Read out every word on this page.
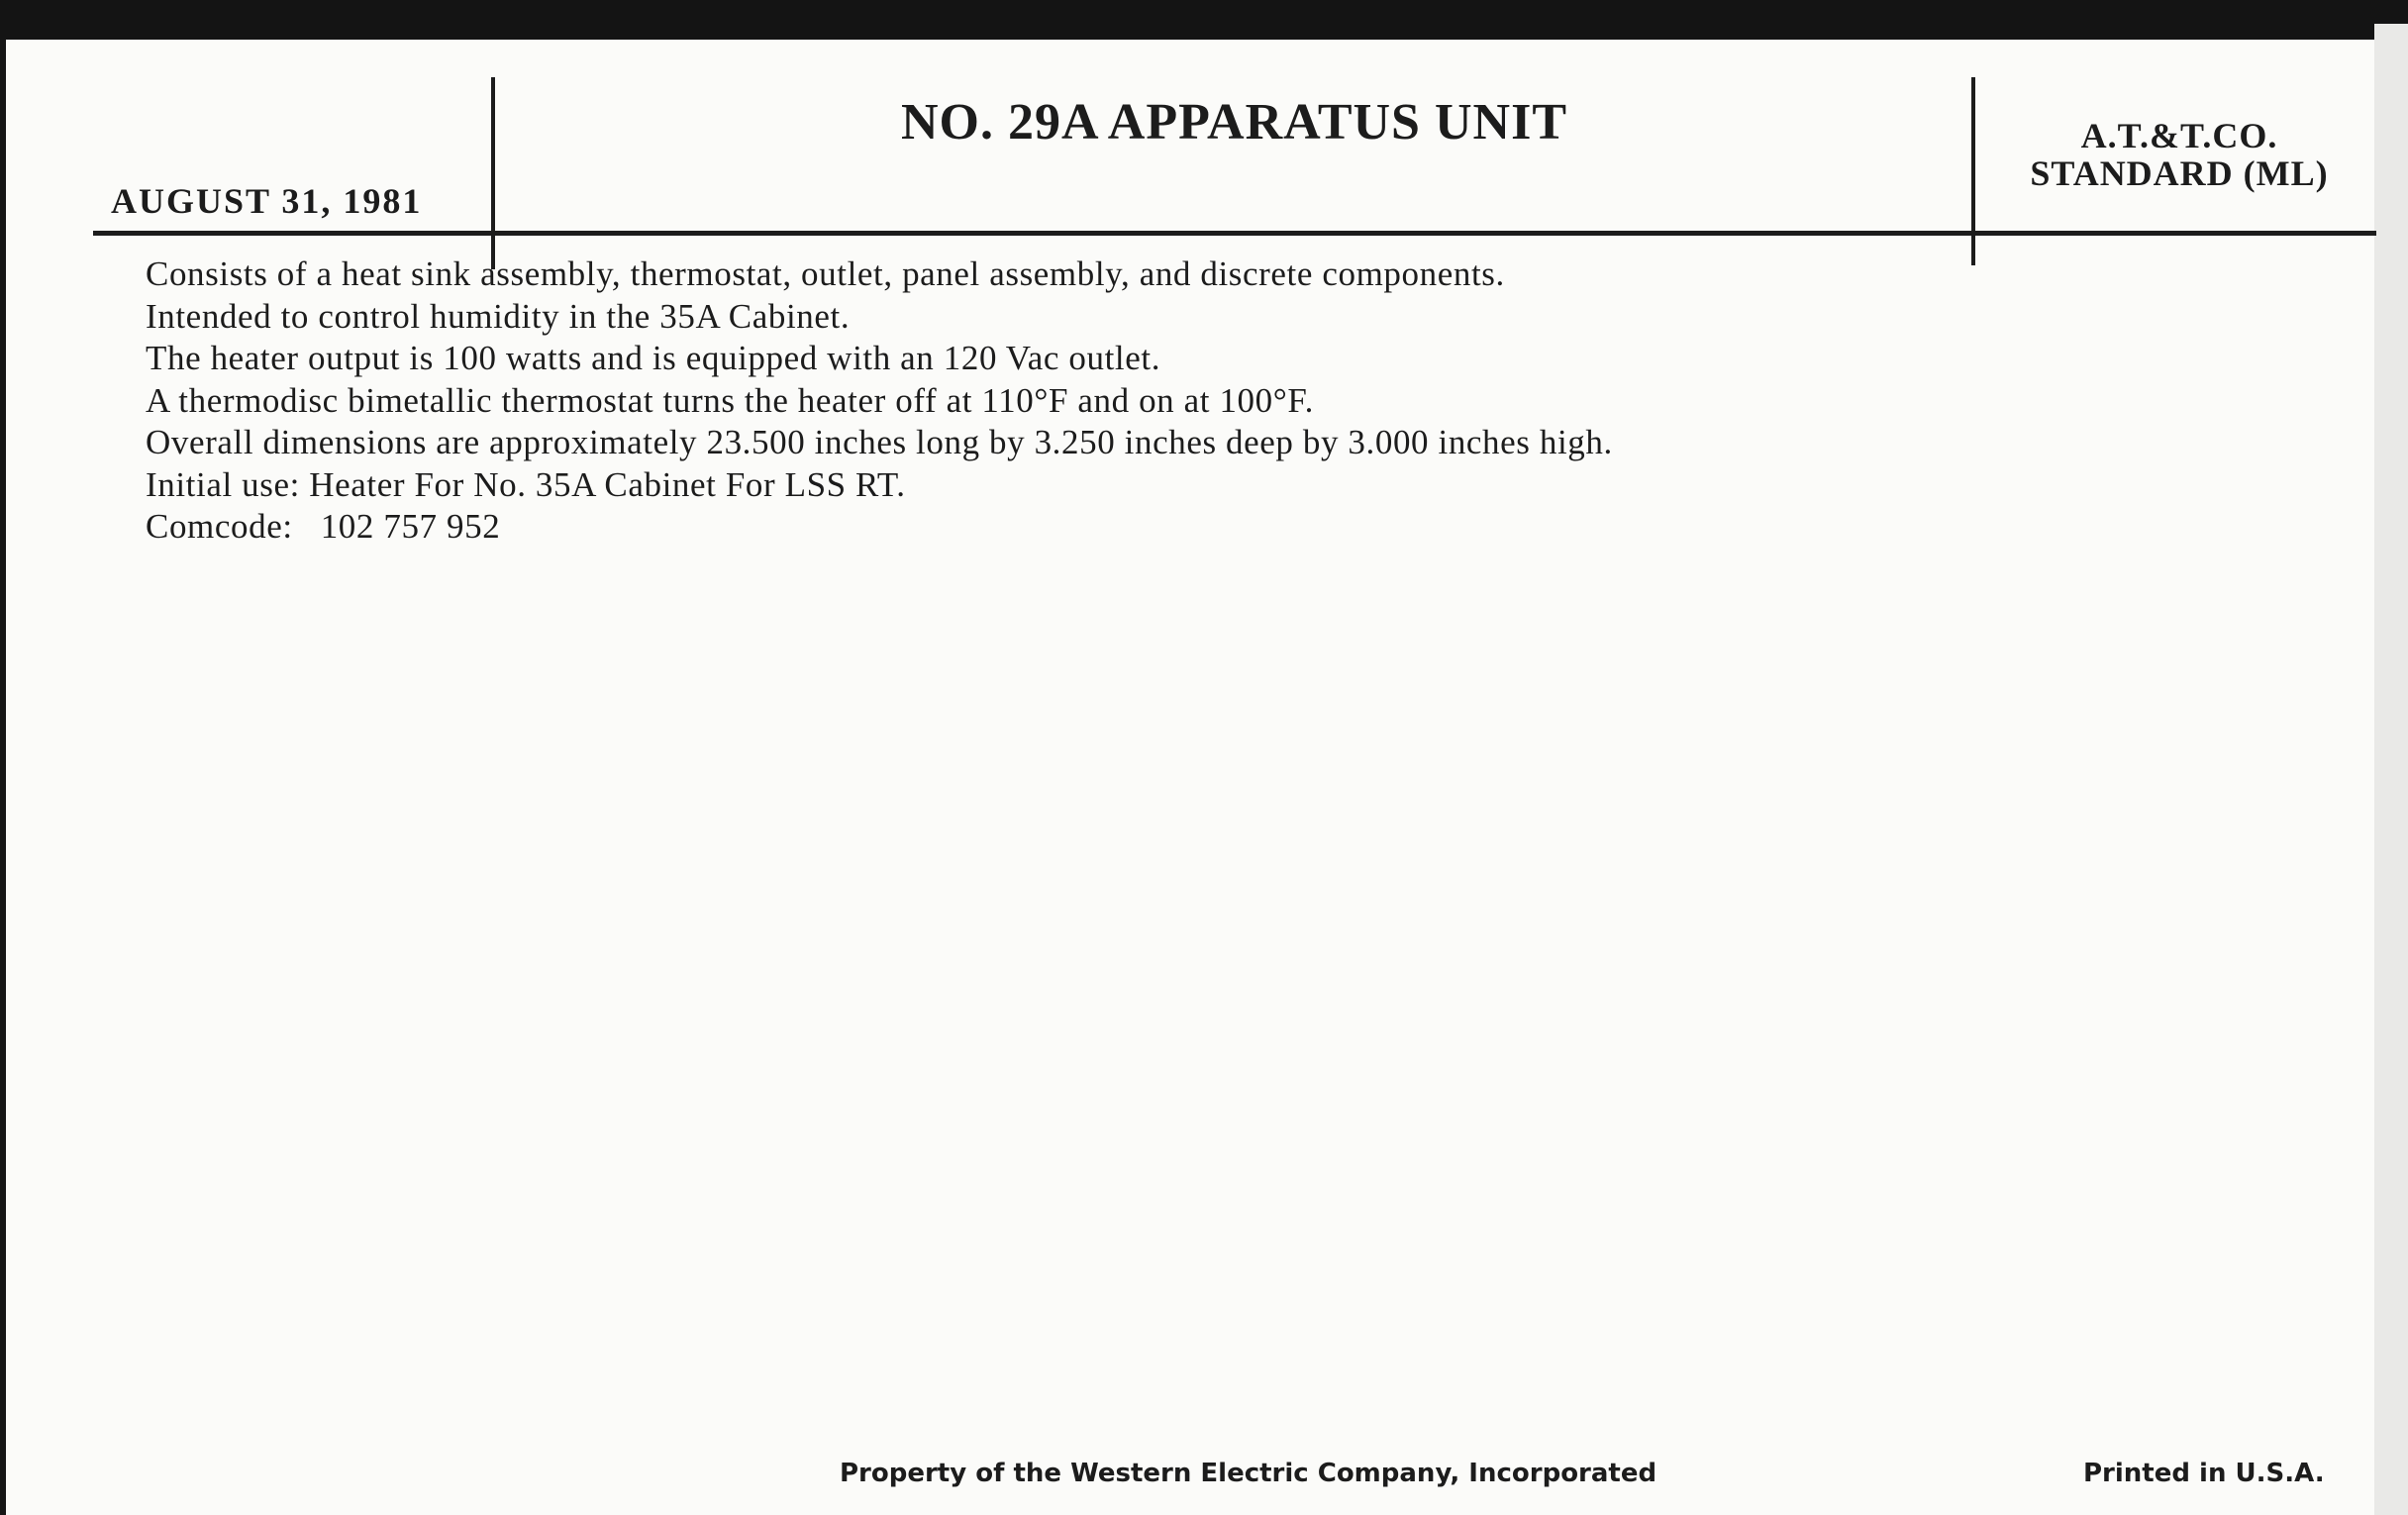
AUGUST 31, 1981
NO. 29A APPARATUS UNIT	A.T.&T.CO.
STANDARD (ML)
Consists of a heat sink assembly, thermostat, outlet, panel assembly, and discrete components.
Intended to control humidity in the 35A Cabinet.
The heater output is 100 watts and is equipped with an 120 Vac outlet.
A thermodisc bimetallic thermostat turns the heater off at 110°F and on at 100°F.
Overall dimensions are approximately 23.500 inches long by 3.250 inches deep by 3.000 inches high.
Initial use: Heater For No. 35A Cabinet For LSS RT.
Comcode:   102 757 952
Property of the Western Electric Company, Incorporated	Printed in U.S.A.
